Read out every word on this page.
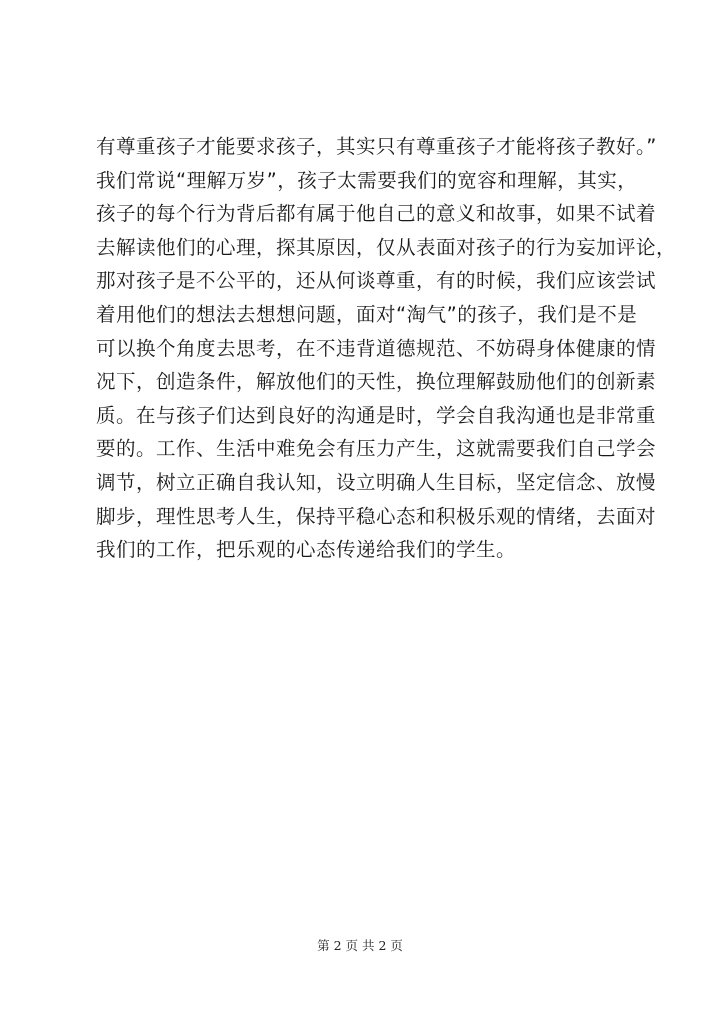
有尊重孩子才能要求孩子，其实只有尊重孩子才能将孩子教好。”
我们常说“理解万岁”，孩子太需要我们的宽容和理解，其实，
孩子的每个行为背后都有属于他自己的意义和故事，如果不试着
去解读他们的心理，探其原因，仅从表面对孩子的行为妄加评论，
那对孩子是不公平的，还从何谈尊重，有的时候，我们应该尝试
着用他们的想法去想想问题，面对“淘气”的孩子，我们是不是
可以换个角度去思考，在不违背道德规范、不妨碍身体健康的情
况下，创造条件，解放他们的天性，换位理解鼓励他们的创新素
质。在与孩子们达到良好的沟通是时，学会自我沟通也是非常重
要的。工作、生活中难免会有压力产生，这就需要我们自己学会
调节，树立正确自我认知，设立明确人生目标，坚定信念、放慢
脚步，理性思考人生，保持平稳心态和积极乐观的情绪，去面对
我们的工作，把乐观的心态传递给我们的学生。
第 2 页 共 2 页
